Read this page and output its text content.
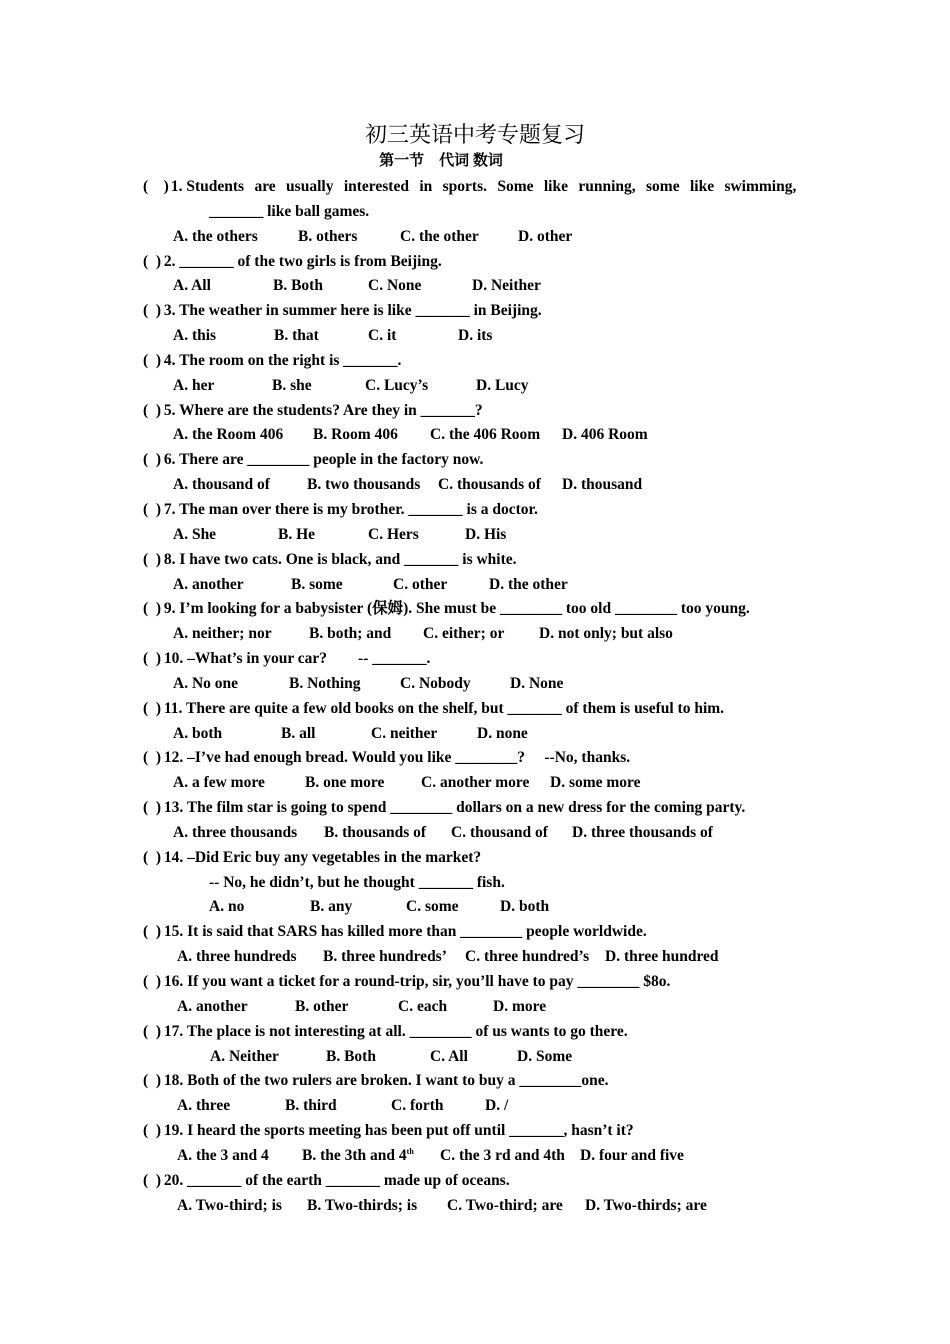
初三英语中考专题复习
第一节　代词 数词
(    ) 1. Students are usually interested in sports. Some like running, some like swimming,
_______ like ball games.
A. the others	B. others	C. the other	D. other
(  ) 2. _______ of the two girls is from Beijing.
A. All	B. Both	C. None	D. Neither
(  ) 3. The weather in summer here is like _______ in Beijing.
A. this	B. that	C. it	D. its
(  ) 4. The room on the right is _______.
A. her	B. she	C. Lucy’s	D. Lucy
(  ) 5. Where are the students? Are they in _______?
A. the Room 406 B. Room 406 C. the 406 Room D. 406 Room
(  ) 6. There are ________ people in the factory now.
A. thousand of B. two thousands C. thousands of D. thousand
(  ) 7. The man over there is my brother. _______ is a doctor.
A. She	B. He	C. Hers	D. His
(  ) 8. I have two cats. One is black, and _______ is white.
A. another	B. some	C. other	D. the other
(  ) 9. I’m looking for a babysister (保姆). She must be ________ too old ________ too young.
A. neither; nor B. both; and C. either; or D. not only; but also
(  ) 10. –What’s in your car?　　-- _______.
A. No one	B. Nothing	C. Nobody	D. None
(  ) 11. There are quite a few old books on the shelf, but _______ of them is useful to him.
A. both	B. all	C. neither	D. none
(  ) 12. –I’ve had enough bread. Would you like ________?　 --No, thanks.
A. a few more	B. one more C. another more D. some more
(  ) 13. The film star is going to spend ________ dollars on a new dress for the coming party.
A. three thousands B. thousands of C. thousand of D. three thousands of
(  ) 14. –Did Eric buy any vegetables in the market?
-- No, he didn’t, but he thought _______ fish.
A. no	B. any	C. some	D. both
(  ) 15. It is said that SARS has killed more than ________ people worldwide.
A. three hundreds B. three hundreds’ C. three hundred’s D. three hundred
(  ) 16. If you want a ticket for a round-trip, sir, you’ll have to pay ________ $8o.
A. another	B. other	C. each	D. more
(  ) 17. The place is not interesting at all. ________ of us wants to go there.
A. Neither	B. Both	C. All	D. Some
(  ) 18. Both of the two rulers are broken. I want to buy a ________one.
A. three	B. third	C. forth	D. /
(  ) 19. I heard the sports meeting has been put off until _______, hasn’t it?
A. the 3 and 4 B. the 3th and 4th C. the 3 rd and 4th D. four and five
(  ) 20. _______ of the earth _______ made up of oceans.
A. Two-third; is B. Two-thirds; is C. Two-third; are D. Two-thirds; are
